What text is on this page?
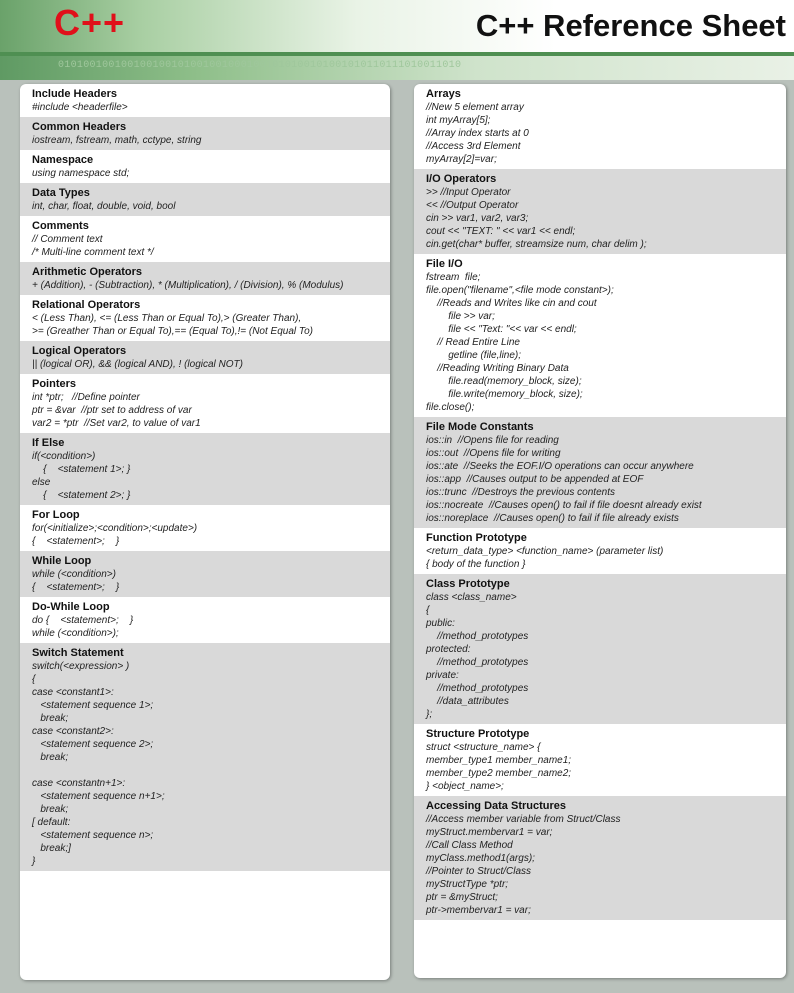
0101001001001001001010010010001001010100101001010110111010011010
C++	C++ Reference Sheet
Include Headers
#include <headerfile>
Common Headers
iostream, fstream, math, cctype, string
Namespace
using namespace std;
Data Types
int, char, float, double, void, bool
Comments
// Comment text
/* Multi-line comment text */
Arithmetic Operators
+ (Addition), - (Subtraction), * (Multiplication), / (Division), % (Modulus)
Relational Operators
< (Less Than), <= (Less Than or Equal To),> (Greater Than),
>= (Greather Than or Equal To),== (Equal To),!= (Not Equal To)
Logical Operators
|| (logical OR), && (logical AND), ! (logical NOT)
Pointers
int *ptr;   //Define pointer
ptr = &var  //ptr set to address of var
var2 = *ptr  //Set var2, to value of var1
If Else
if(<condition>)
{    <statement 1>; }
else
{    <statement 2>; }
For Loop
for(<initialize>;<condition>;<update>)
{    <statement>;    }
While Loop
while (<condition>)
{    <statement>;    }
Do-While Loop
do {    <statement>;    }
while (<condition>);
Switch Statement
switch(<expression> )
{
case <constant1>:
<statement sequence 1>;
break;
case <constant2>:
<statement sequence 2>;
break;

case <constantn+1>:
<statement sequence n+1>;
break;
[ default:
<statement sequence n>;
break;]
}
Arrays
//New 5 element array
int myArray[5];
//Array index starts at 0
//Access 3rd Element
myArray[2]=var;
I/O Operators
>> //Input Operator
<< //Output Operator
cin >> var1, var2, var3;
cout << "TEXT: " << var1 << endl;
cin.get(char* buffer, streamsize num, char delim );
File I/O
fstream  file;
file.open("filename",<file mode constant>);
//Reads and Writes like cin and cout
file >> var;
file << "Text: "<< var << endl;
// Read Entire Line
getline (file,line);
//Reading Writing Binary Data
file.read(memory_block, size);
file.write(memory_block, size);
file.close();
File Mode Constants
ios::in  //Opens file for reading
ios::out  //Opens file for writing
ios::ate  //Seeks the EOF.I/O operations can occur anywhere
ios::app  //Causes output to be appended at EOF
ios::trunc  //Destroys the previous contents
ios::nocreate  //Causes open() to fail if file doesnt already exist
ios::noreplace  //Causes open() to fail if file already exists
Function Prototype
<return_data_type> <function_name> (parameter list)
{ body of the function }
Class Prototype
class <class_name>
{
public:
//method_prototypes
protected:
//method_prototypes
private:
//method_prototypes
//data_attributes
};
Structure Prototype
struct <structure_name> {
member_type1 member_name1;
member_type2 member_name2;
} <object_name>;
Accessing Data Structures
//Access member variable from Struct/Class
myStruct.membervar1 = var;
//Call Class Method
myClass.method1(args);
//Pointer to Struct/Class
myStructType *ptr;
ptr = &myStruct;
ptr->membervar1 = var;
